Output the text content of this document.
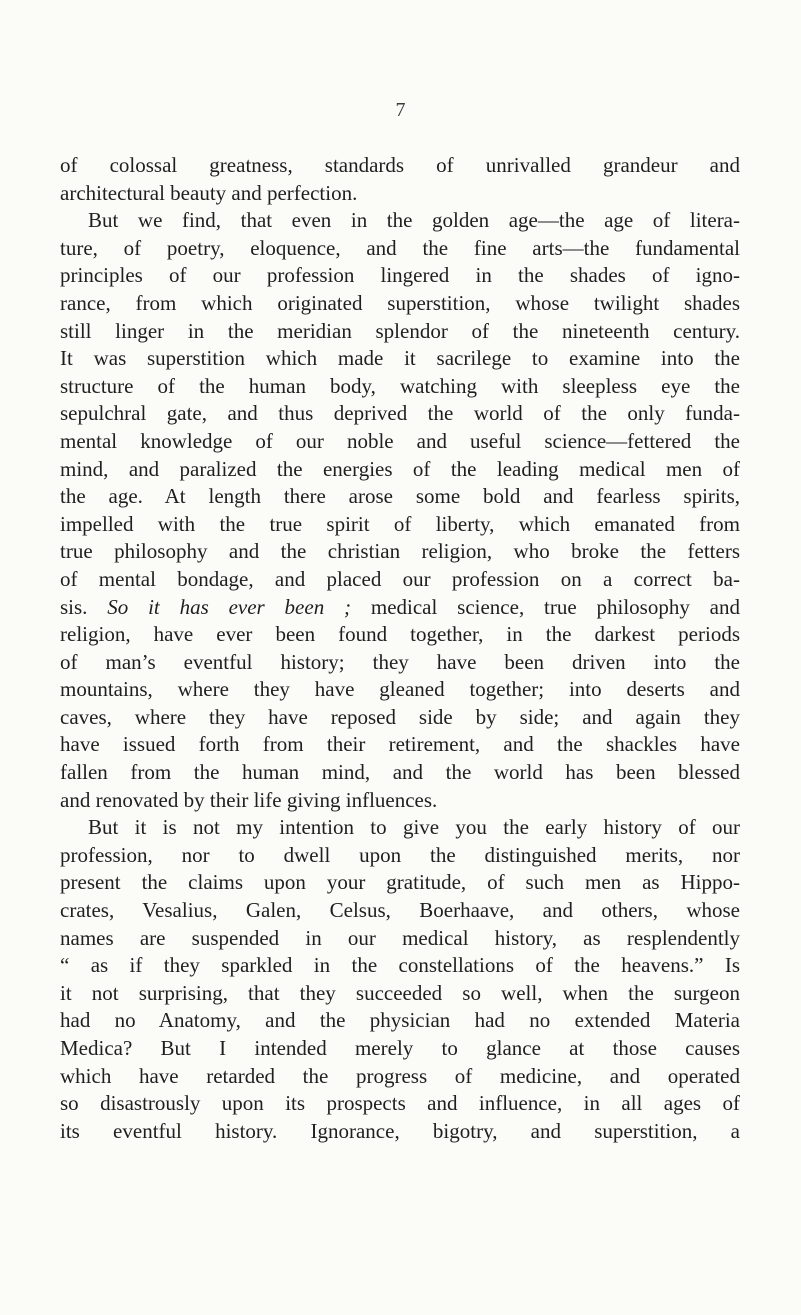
7
of colossal greatness, standards of unrivalled grandeur and
architectural beauty and perfection.
But we find, that even in the golden age—the age of litera-
ture, of poetry, eloquence, and the fine arts—the fundamental
principles of our profession lingered in the shades of igno-
rance, from which originated superstition, whose twilight shades
still linger in the meridian splendor of the nineteenth century.
It was superstition which made it sacrilege to examine into the
structure of the human body, watching with sleepless eye the
sepulchral gate, and thus deprived the world of the only funda-
mental knowledge of our noble and useful science—fettered the
mind, and paralized the energies of the leading medical men of
the age. At length there arose some bold and fearless spirits,
impelled with the true spirit of liberty, which emanated from
true philosophy and the christian religion, who broke the fetters
of mental bondage, and placed our profession on a correct ba-
sis. So it has ever been ; medical science, true philosophy and
religion, have ever been found together, in the darkest periods
of man’s eventful history; they have been driven into the
mountains, where they have gleaned together; into deserts and
caves, where they have reposed side by side; and again they
have issued forth from their retirement, and the shackles have
fallen from the human mind, and the world has been blessed
and renovated by their life giving influences.
But it is not my intention to give you the early history of our
profession, nor to dwell upon the distinguished merits, nor
present the claims upon your gratitude, of such men as Hippo-
crates, Vesalius, Galen, Celsus, Boerhaave, and others, whose
names are suspended in our medical history, as resplendently
“ as if they sparkled in the constellations of the heavens.” Is
it not surprising, that they succeeded so well, when the surgeon
had no Anatomy, and the physician had no extended Materia
Medica? But I intended merely to glance at those causes
which have retarded the progress of medicine, and operated
so disastrously upon its prospects and influence, in all ages of
its eventful history. Ignorance, bigotry, and superstition, a
